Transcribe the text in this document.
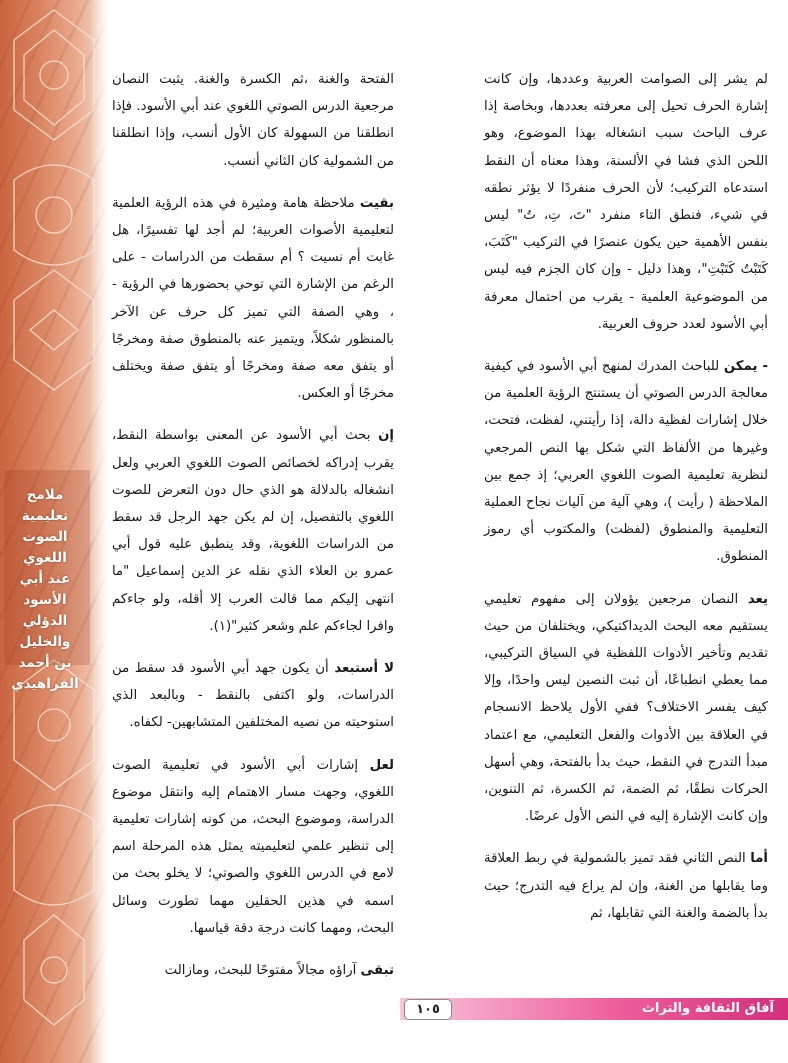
ملامح
تعليمية
الصوت
اللغوي
عند أبي
الأسود
الدؤلي
والخليل
بن أحمد
الفراهيدي

لم يشر إلى الصوامت العربية وعددها، وإن كانت إشارة الحرف تحيل إلى معرفته بعددها، وبخاصة إذا عرف الباحث سبب انشغاله بهذا الموضوع، وهو اللحن الذي فشا في الألسنة، وهذا معناه أن النقط استدعاه التركيب؛ لأن الحرف منفردًا لا يؤثر نطقه في شيء، فنطق التاء منفرد "تَ، تِ، تُ" ليس بنفس الأهمية حين يكون عنصرًا في التركيب "كَتَبَ، كَتَبْتُ كَتَبْتِ"، وهذا دليل - وإن كان الجزم فيه ليس من الموضوعية العلمية - يقرب من احتمال معرفة أبي الأسود لعدد حروف العربية.

- يمكن للباحث المدرك لمنهج أبي الأسود في كيفية معالجة الدرس الصوتي أن يستنتج الرؤية العلمية من خلال إشارات لفظية دالة، إذا رأيتني، لفظت، فتحت، وغيرها من الألفاظ التي شكل بها النص المرجعي لنظرية تعليمية الصوت اللغوي العربي؛ إذ جمع بين الملاحظة ( رأيت )، وهي آلية من آليات نجاح العملية التعليمية والمنطوق (لفظت) والمكتوب أي رموز المنطوق.

يعد النصان مرجعين يؤولان إلى مفهوم تعليمي يستقيم معه البحث الديداكتيكي، ويختلفان من حيث تقديم وتأخير الأدوات اللفظية في السياق التركيبي، مما يعطي انطباعًا، أن ثبت النصين ليس واحدًا، وإلا كيف يفسر الاختلاف؟ ففي الأول يلاحظ الانسجام في العلاقة بين الأدوات والفعل التعليمي، مع اعتماد مبدأ التدرج في النقط، حيث بدأ بالفتحة، وهي أسهل الحركات نطقًا، ثم الضمة، ثم الكسرة، ثم التنوين، وإن كانت الإشارة إليه في النص الأول عرضًا.

أما النص الثاني فقد تميز بالشمولية في ربط العلاقة وما يقابلها من الغنة، وإن لم يراع فيه التدرج؛ حيث بدأ بالضمة والغنة التي تقابلها، ثم

الفتحة والغنة ،ثم الكسرة والغنة. يثبت النصان مرجعية الدرس الصوتي اللغوي عند أبي الأسود. فإذا انطلقنا من السهولة كان الأول أنسب، وإذا انطلقنا من الشمولية كان الثاني أنسب.

بقيت ملاحظة هامة ومثيرة في هذه الرؤية العلمية لتعليمية الأصوات العربية؛ لم أجد لها تفسيرًا، هل غابت أم نسيت ؟ أم سقطت من الدراسات - على الرغم من الإشارة التي توحي بحضورها في الرؤية - ، وهي الصفة التي تميز كل حرف عن الآخر بالمنظور شكلاً، ويتميز عنه بالمنطوق صفة ومخرجًا أو يتفق معه صفة ومخرجًا أو يتفق صفة ويختلف مخرجًا أو العكس.

إن بحث أبي الأسود عن المعنى بواسطة النقط، يقرب إدراكه لخصائص الصوت اللغوي العربي ولعل انشغاله بالدلالة هو الذي حال دون التعرض للصوت اللغوي بالتفصيل، إن لم يكن جهد الرجل قد سقط من الدراسات اللغوية، وقد ينطبق عليه قول أبي عمرو بن العلاء الذي نقله عز الدين إسماعيل "ما انتهى إليكم مما قالت العرب إلا أقله، ولو جاءكم وافرا لجاءكم علم وشعر كثير"(١).

لا أستبعد أن يكون جهد أبي الأسود قد سقط من الدراسات، ولو اكتفى بالنقط - وبالبعد الذي استوحيته من نصيه المختلفين المتشابهين- لكفاه.

لعل إشارات أبي الأسود في تعليمية الصوت اللغوي، وجهت مسار الاهتمام إليه وانتقل موضوع الدراسة، وموضوع البحث، من كونه إشارات تعليمية إلى تنظير علمي لتعليميته يمثل هذه المرحلة اسم لامع في الدرس اللغوي والصوتي؛ لا يخلو بحث من اسمه في هذين الحقلين مهما تطورت وسائل البحث، ومهما كانت درجة دقة قياسها.

تبقى آراؤه مجالاً مفتوحًا للبحث، ومازالت

آفاق الثقافة والتراث
١٠٥
